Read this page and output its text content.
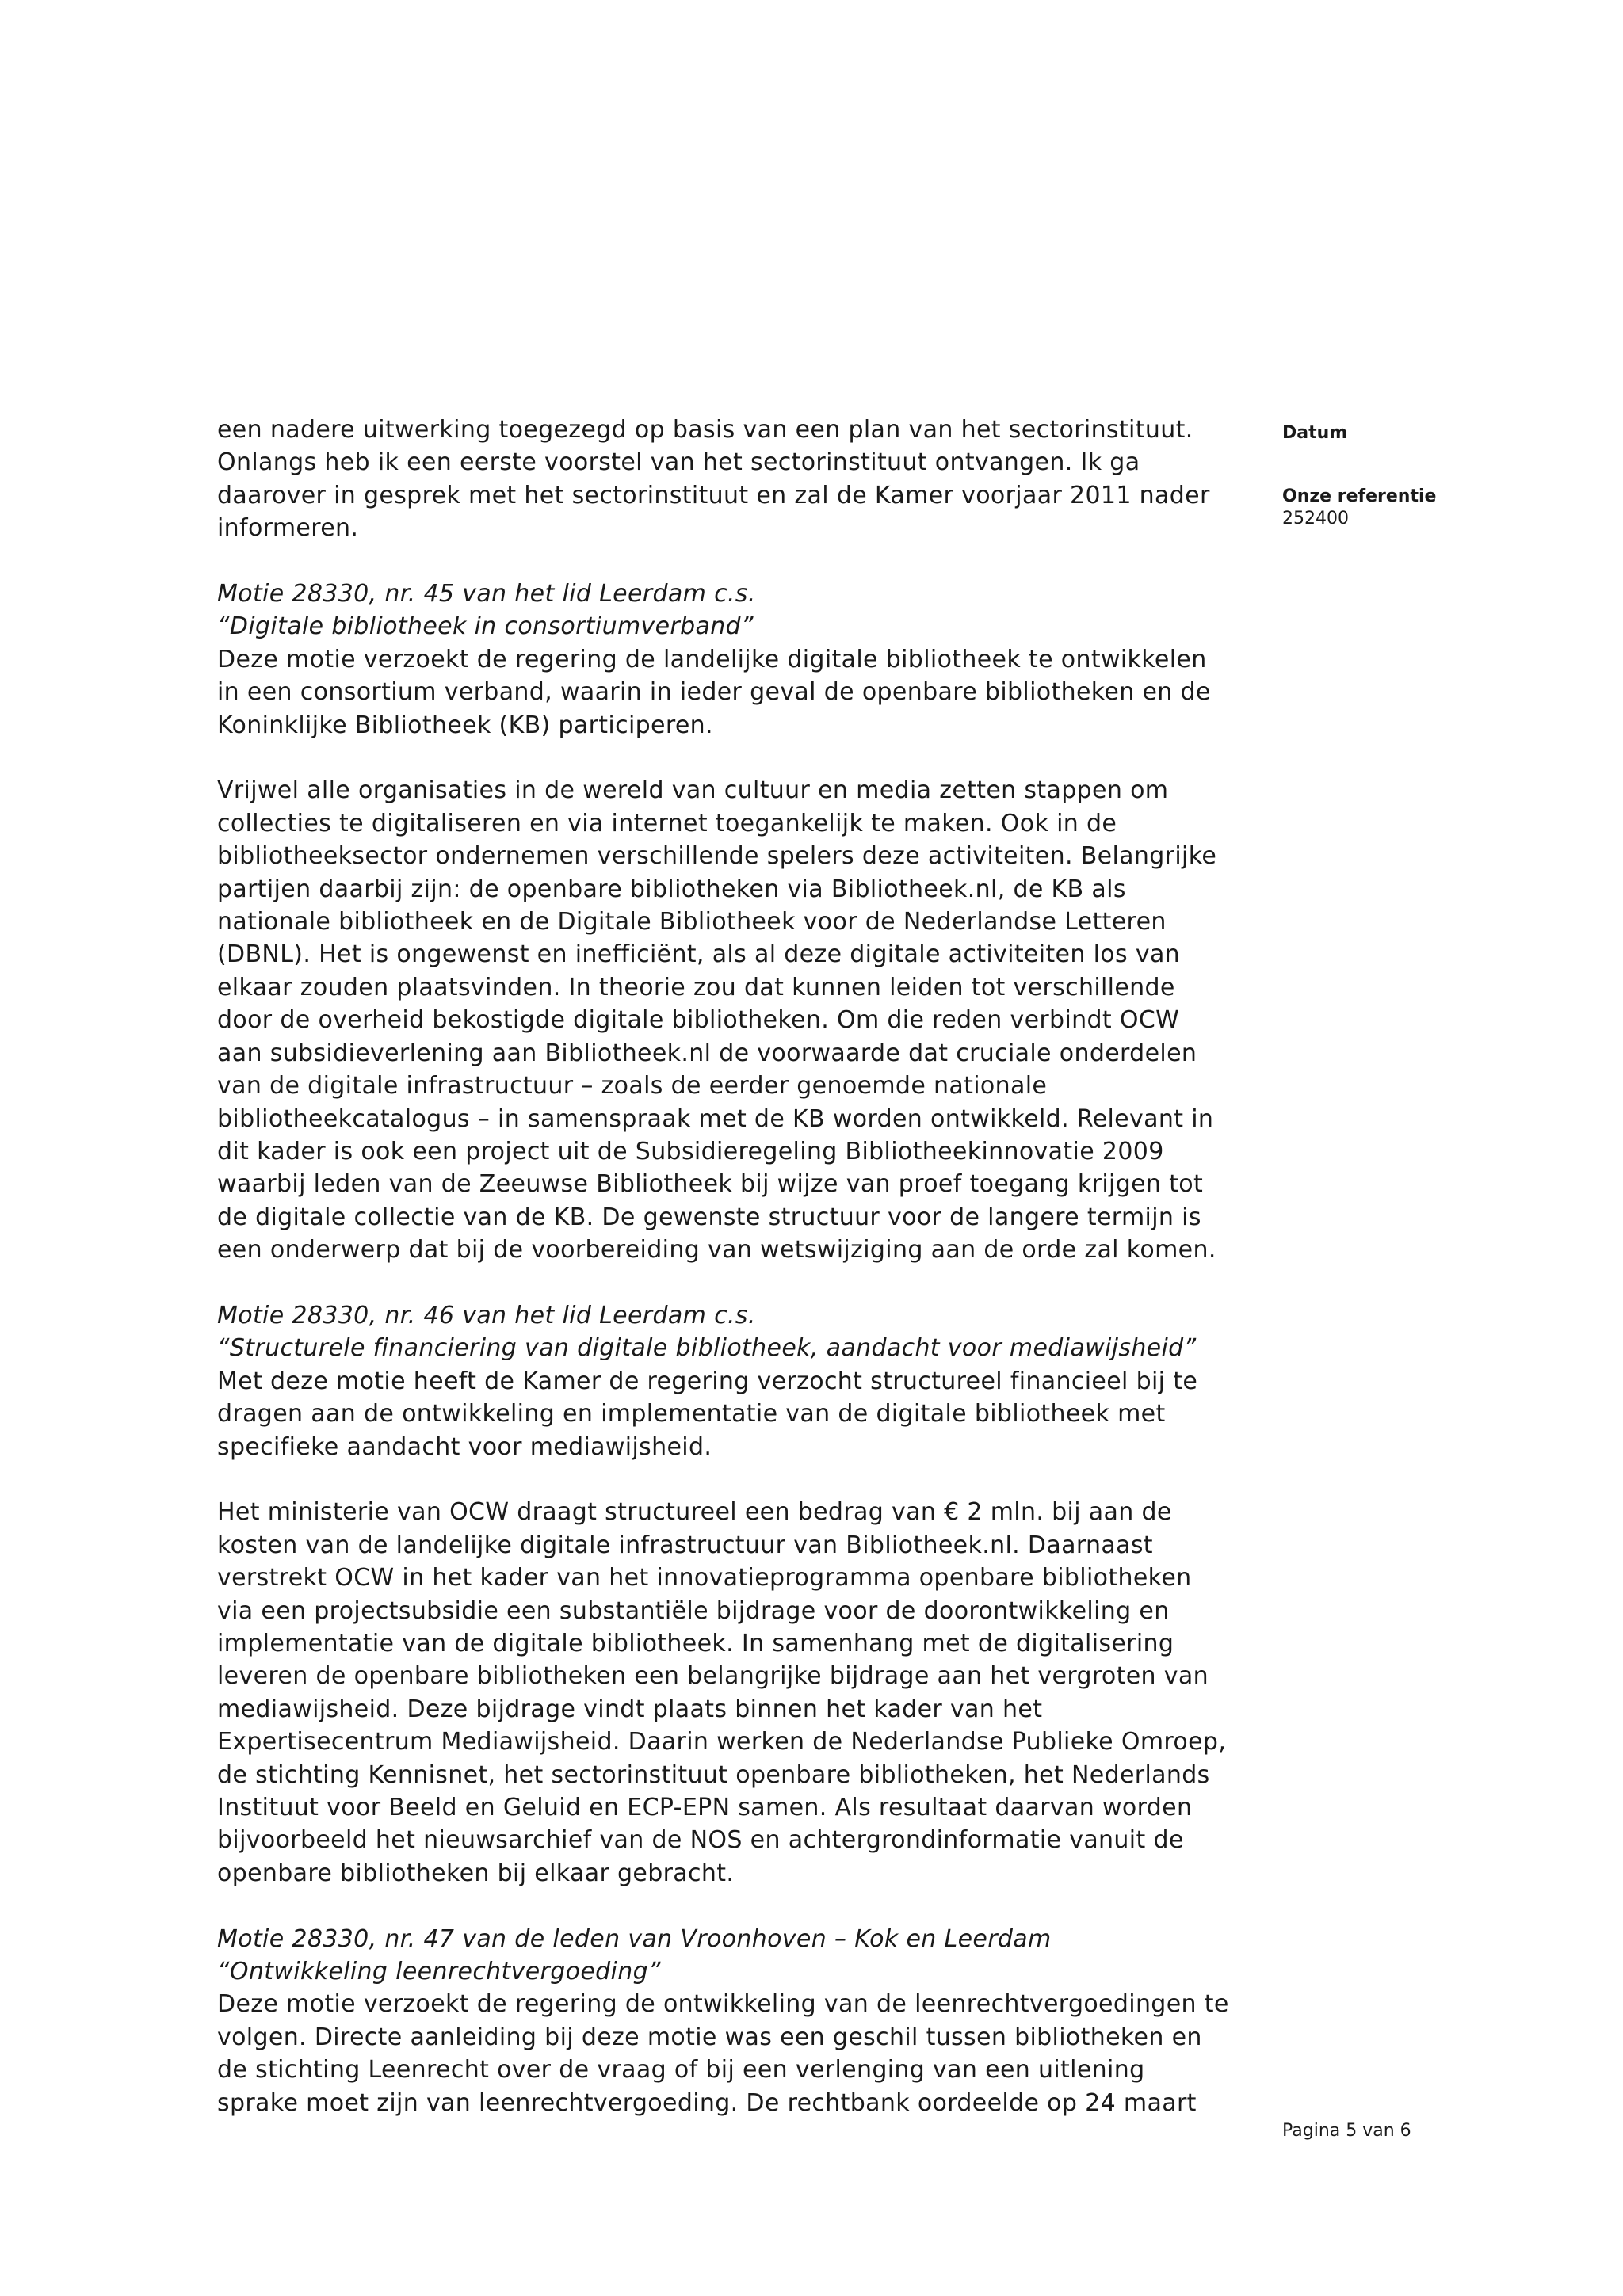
een nadere uitwerking toegezegd op basis van een plan van het sectorinstituut.
Onlangs heb ik een eerste voorstel van het sectorinstituut ontvangen. Ik ga
daarover in gesprek met het sectorinstituut en zal de Kamer voorjaar 2011 nader
informeren.

Motie 28330, nr. 45 van het lid Leerdam c.s.
“Digitale bibliotheek in consortiumverband”
Deze motie verzoekt de regering de landelijke digitale bibliotheek te ontwikkelen
in een consortium verband, waarin in ieder geval de openbare bibliotheken en de
Koninklijke Bibliotheek (KB) participeren.

Vrijwel alle organisaties in de wereld van cultuur en media zetten stappen om
collecties te digitaliseren en via internet toegankelijk te maken. Ook in de
bibliotheeksector ondernemen verschillende spelers deze activiteiten. Belangrijke
partijen daarbij zijn: de openbare bibliotheken via Bibliotheek.nl, de KB als
nationale bibliotheek en de Digitale Bibliotheek voor de Nederlandse Letteren
(DBNL). Het is ongewenst en inefficiënt, als al deze digitale activiteiten los van
elkaar zouden plaatsvinden. In theorie zou dat kunnen leiden tot verschillende
door de overheid bekostigde digitale bibliotheken. Om die reden verbindt OCW
aan subsidieverlening aan Bibliotheek.nl de voorwaarde dat cruciale onderdelen
van de digitale infrastructuur – zoals de eerder genoemde nationale
bibliotheekcatalogus – in samenspraak met de KB worden ontwikkeld. Relevant in
dit kader is ook een project uit de Subsidieregeling Bibliotheekinnovatie 2009
waarbij leden van de Zeeuwse Bibliotheek bij wijze van proef toegang krijgen tot
de digitale collectie van de KB. De gewenste structuur voor de langere termijn is
een onderwerp dat bij de voorbereiding van wetswijziging aan de orde zal komen.

Motie 28330, nr. 46 van het lid Leerdam c.s.
“Structurele financiering van digitale bibliotheek, aandacht voor mediawijsheid”
Met deze motie heeft de Kamer de regering verzocht structureel financieel bij te
dragen aan de ontwikkeling en implementatie van de digitale bibliotheek met
specifieke aandacht voor mediawijsheid.

Het ministerie van OCW draagt structureel een bedrag van € 2 mln. bij aan de
kosten van de landelijke digitale infrastructuur van Bibliotheek.nl. Daarnaast
verstrekt OCW in het kader van het innovatieprogramma openbare bibliotheken
via een projectsubsidie een substantiële bijdrage voor de doorontwikkeling en
implementatie van de digitale bibliotheek. In samenhang met de digitalisering
leveren de openbare bibliotheken een belangrijke bijdrage aan het vergroten van
mediawijsheid. Deze bijdrage vindt plaats binnen het kader van het
Expertisecentrum Mediawijsheid. Daarin werken de Nederlandse Publieke Omroep,
de stichting Kennisnet, het sectorinstituut openbare bibliotheken, het Nederlands
Instituut voor Beeld en Geluid en ECP-EPN samen. Als resultaat daarvan worden
bijvoorbeeld het nieuwsarchief van de NOS en achtergrondinformatie vanuit de
openbare bibliotheken bij elkaar gebracht.

Motie 28330, nr. 47 van de leden van Vroonhoven – Kok en Leerdam
“Ontwikkeling leenrechtvergoeding”
Deze motie verzoekt de regering de ontwikkeling van de leenrechtvergoedingen te
volgen. Directe aanleiding bij deze motie was een geschil tussen bibliotheken en
de stichting Leenrecht over de vraag of bij een verlenging van een uitlening
sprake moet zijn van leenrechtvergoeding. De rechtbank oordeelde op 24 maart

Datum
Onze referentie
252400
Pagina 5 van 6
